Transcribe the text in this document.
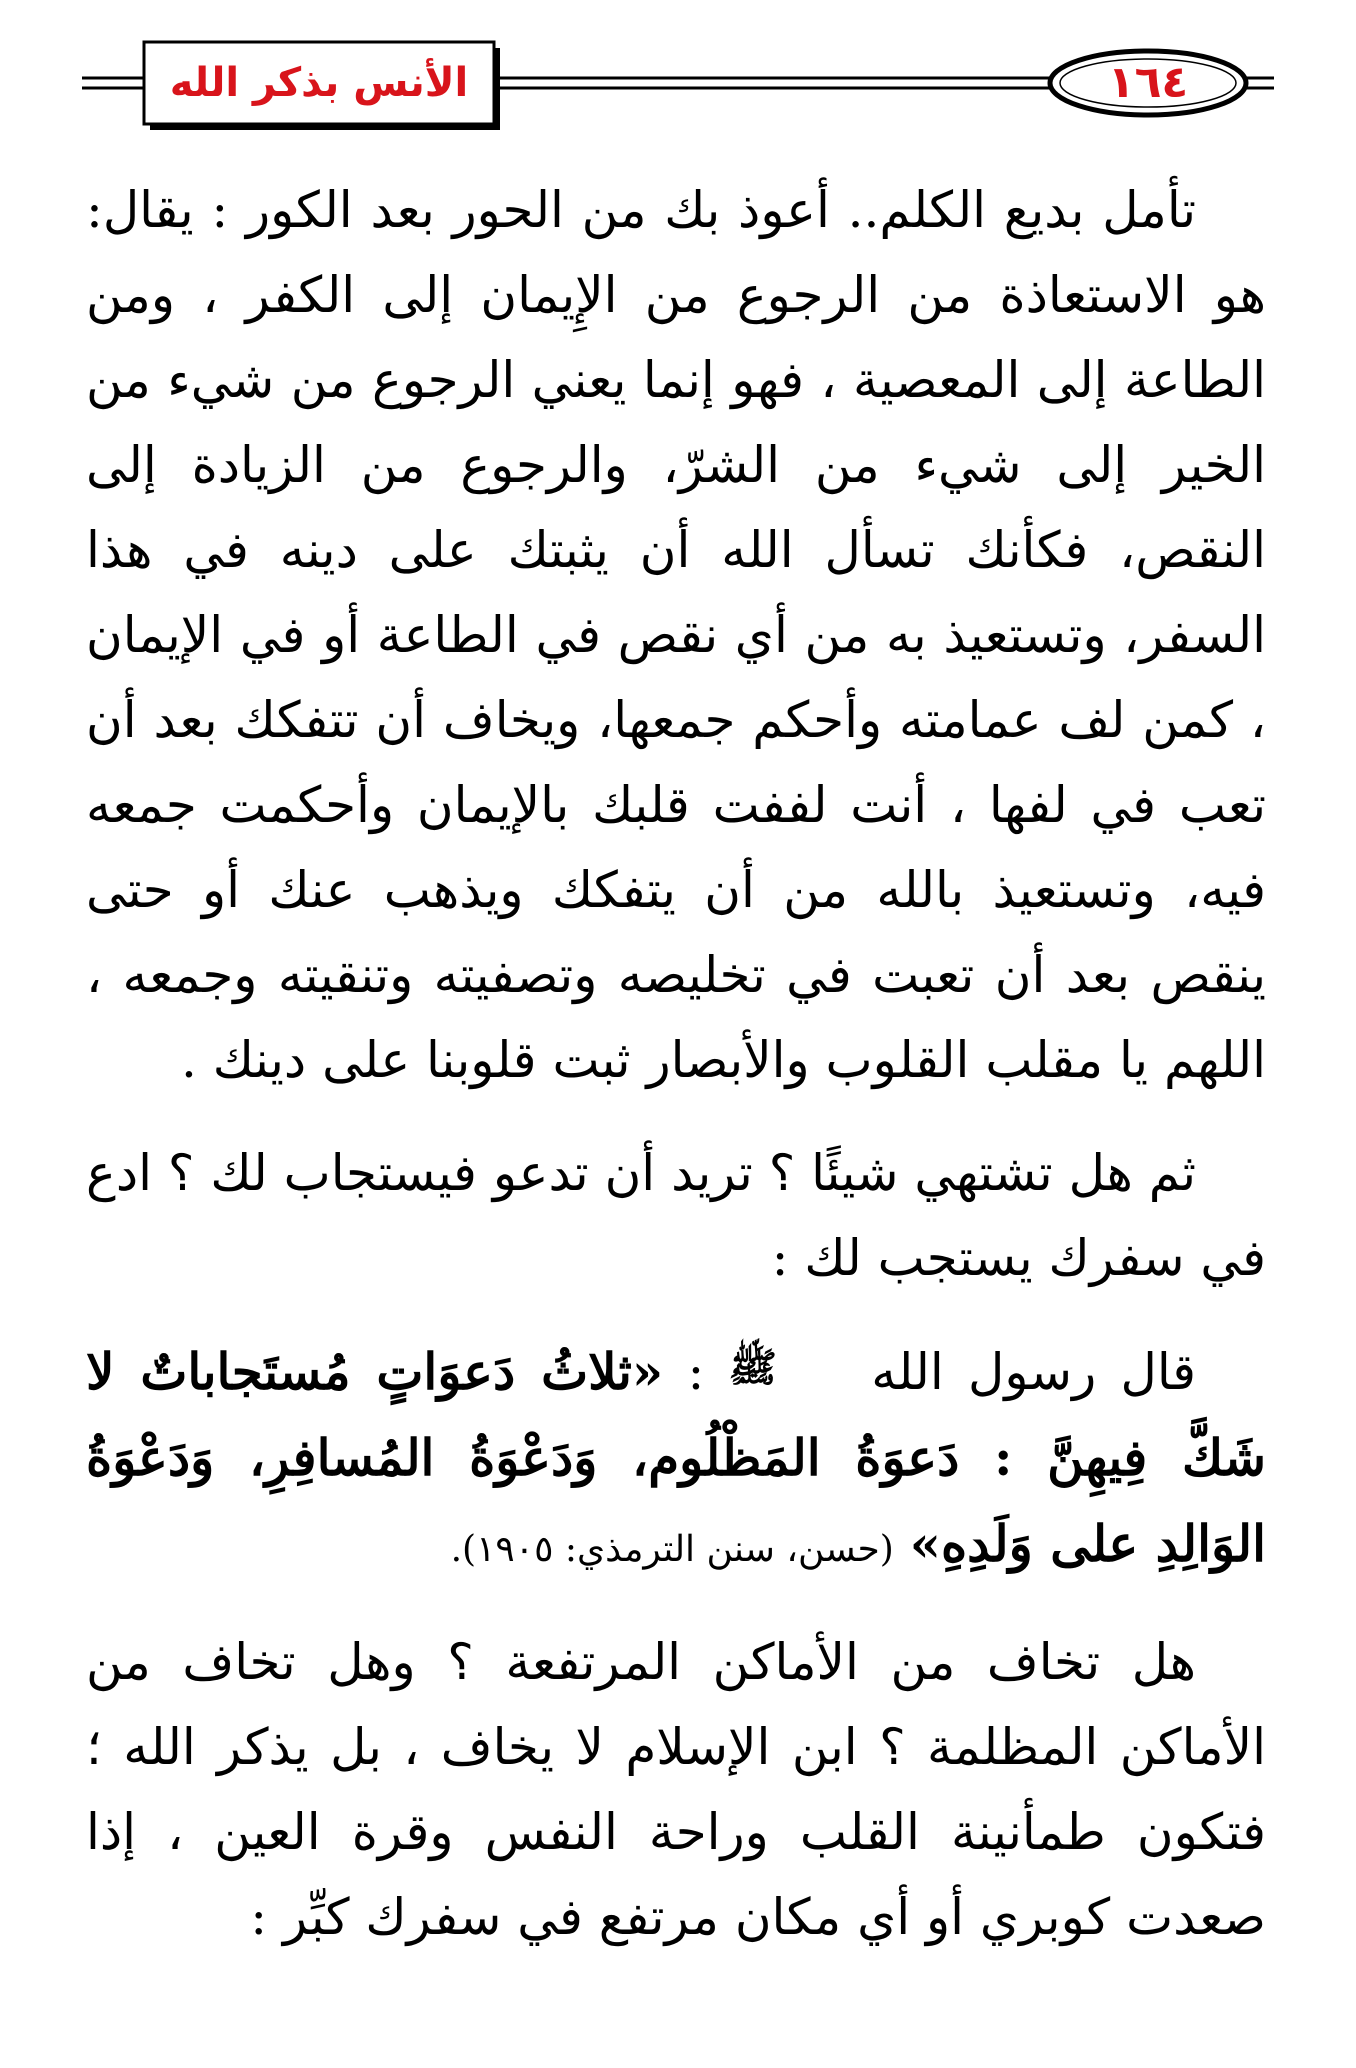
الأنس بذكر الله	١٦٤

تأمل بديع الكلم.. أعوذ بك من الحور بعد الكور : يقال: هو الاستعاذة من الرجوع من الإِيمان إلى الكفر ، ومن الطاعة إلى المعصية ، فهو إنما يعني الرجوع من شيء من الخير إلى شيء من الشرّ، والرجوع من الزيادة إلى النقص، فكأنك تسأل الله أن يثبتك على دينه في هذا السفر، وتستعيذ به من أي نقص في الطاعة أو في الإيمان ، كمن لف عمامته وأحكم جمعها، ويخاف أن تتفكك بعد أن تعب في لفها ، أنت لففت قلبك بالإيمان وأحكمت جمعه فيه، وتستعيذ بالله من أن يتفكك ويذهب عنك أو حتى ينقص بعد أن تعبت في تخليصه وتصفيته وتنقيته وجمعه ، اللهم يا مقلب القلوب والأبصار ثبت قلوبنا على دينك .

ثم هل تشتهي شيئًا ؟ تريد أن تدعو فيستجاب لك ؟ ادع في سفرك يستجب لك :

قال رسول الله ﷺ : «ثلاثُ دَعوَاتٍ مُستَجاباتٌ لا شَكَّ فِيهِنَّ : دَعوَةُ المَظْلُوم، وَدَعْوَةُ المُسافِرِ، وَدَعْوَةُ الوَالِدِ على وَلَدِهِ» (حسن، سنن الترمذي: ١٩٠٥).

هل تخاف من الأماكن المرتفعة ؟ وهل تخاف من الأماكن المظلمة ؟ ابن الإسلام لا يخاف ، بل يذكر الله ؛ فتكون طمأنينة القلب وراحة النفس وقرة العين ، إذا صعدت كوبري أو أي مكان مرتفع في سفرك كبِّر :
